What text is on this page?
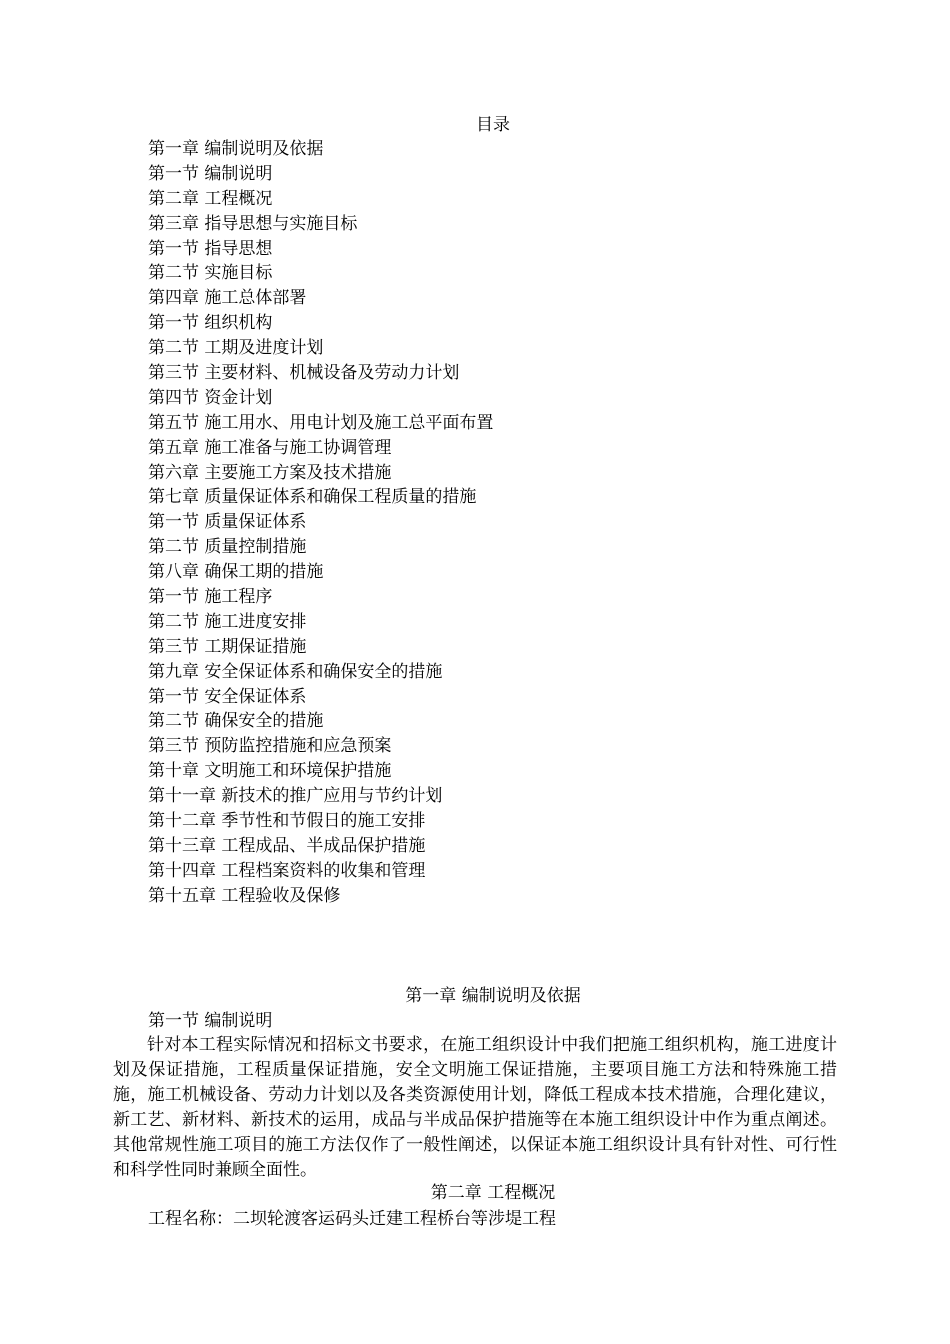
目录
第一章 编制说明及依据
第一节 编制说明
第二章 工程概况
第三章 指导思想与实施目标
第一节 指导思想
第二节 实施目标
第四章 施工总体部署
第一节 组织机构
第二节 工期及进度计划
第三节 主要材料、机械设备及劳动力计划
第四节 资金计划
第五节 施工用水、用电计划及施工总平面布置
第五章 施工准备与施工协调管理
第六章 主要施工方案及技术措施
第七章 质量保证体系和确保工程质量的措施
第一节 质量保证体系
第二节 质量控制措施
第八章 确保工期的措施
第一节 施工程序
第二节 施工进度安排
第三节 工期保证措施
第九章 安全保证体系和确保安全的措施
第一节 安全保证体系
第二节 确保安全的措施
第三节 预防监控措施和应急预案
第十章 文明施工和环境保护措施
第十一章 新技术的推广应用与节约计划
第十二章 季节性和节假日的施工安排
第十三章 工程成品、半成品保护措施
第十四章 工程档案资料的收集和管理
第十五章 工程验收及保修
第一章 编制说明及依据
第一节 编制说明

针对本工程实际情况和招标文书要求，在施工组织设计中我们把施工组织机构，施工进度计划及保证措施，工程质量保证措施，安全文明施工保证措施，主要项目施工方法和特殊施工措施，施工机械设备、劳动力计划以及各类资源使用计划，降低工程成本技术措施，合理化建议，新工艺、新材料、新技术的运用，成品与半成品保护措施等在本施工组织设计中作为重点阐述。其他常规性施工项目的施工方法仅作了一般性阐述，以保证本施工组织设计具有针对性、可行性和科学性同时兼顾全面性。

第二章 工程概况
工程名称：二坝轮渡客运码头迁建工程桥台等涉堤工程
